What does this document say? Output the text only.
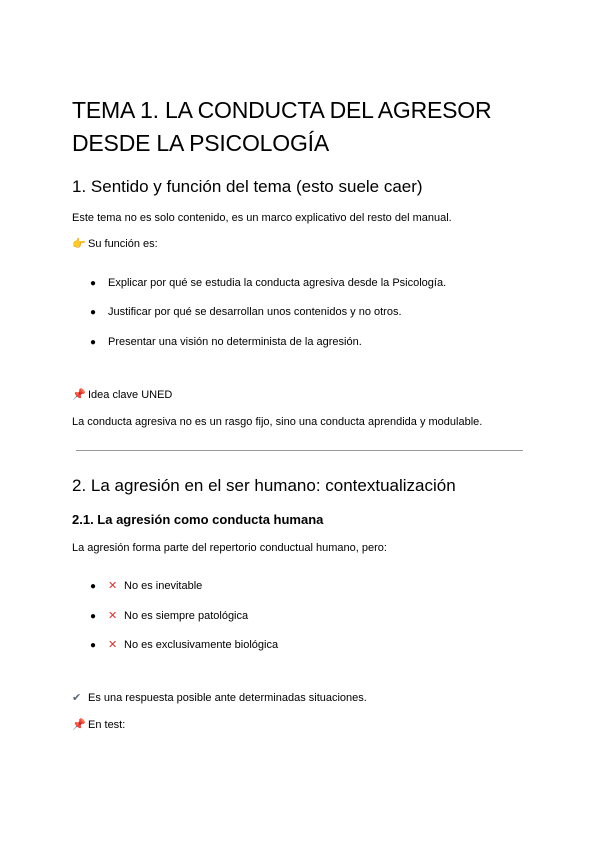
TEMA 1. LA CONDUCTA DEL AGRESOR DESDE LA PSICOLOGÍA
1. Sentido y función del tema (esto suele caer)

Este tema no es solo contenido, es un marco explicativo del resto del manual.

👉 Su función es:

● Explicar por qué se estudia la conducta agresiva desde la Psicología.

● Justificar por qué se desarrollan unos contenidos y no otros.

● Presentar una visión no determinista de la agresión.

📌 Idea clave UNED

La conducta agresiva no es un rasgo fijo, sino una conducta aprendida y modulable.

2. La agresión en el ser humano: contextualización
2.1. La agresión como conducta humana

La agresión forma parte del repertorio conductual humano, pero:

● ✕ No es inevitable

● ✕ No es siempre patológica

● ✕ No es exclusivamente biológica

✔ Es una respuesta posible ante determinadas situaciones.

📌 En test:
